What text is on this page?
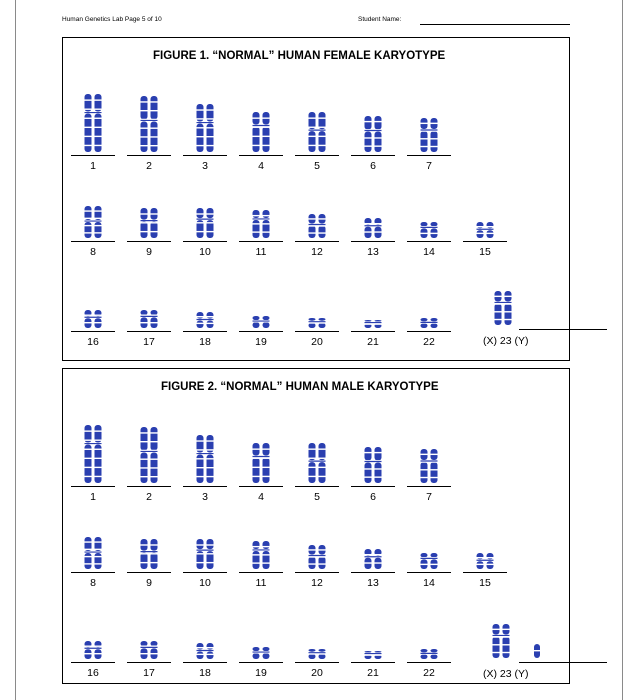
Human Genetics Lab Page 5 of 10	Student Name:
FIGURE 1. “NORMAL” HUMAN FEMALE KARYOTYPE
1	2	3	4	5	6	7
8	9	10	11	12	13	14	15
16	17	18	19	20	21	22	(X) 23 (Y)
FIGURE 2. “NORMAL” HUMAN MALE KARYOTYPE
1	2	3	4	5	6	7
8	9	10	11	12	13	14	15
16	17	18	19	20	21	22	(X) 23 (Y)
